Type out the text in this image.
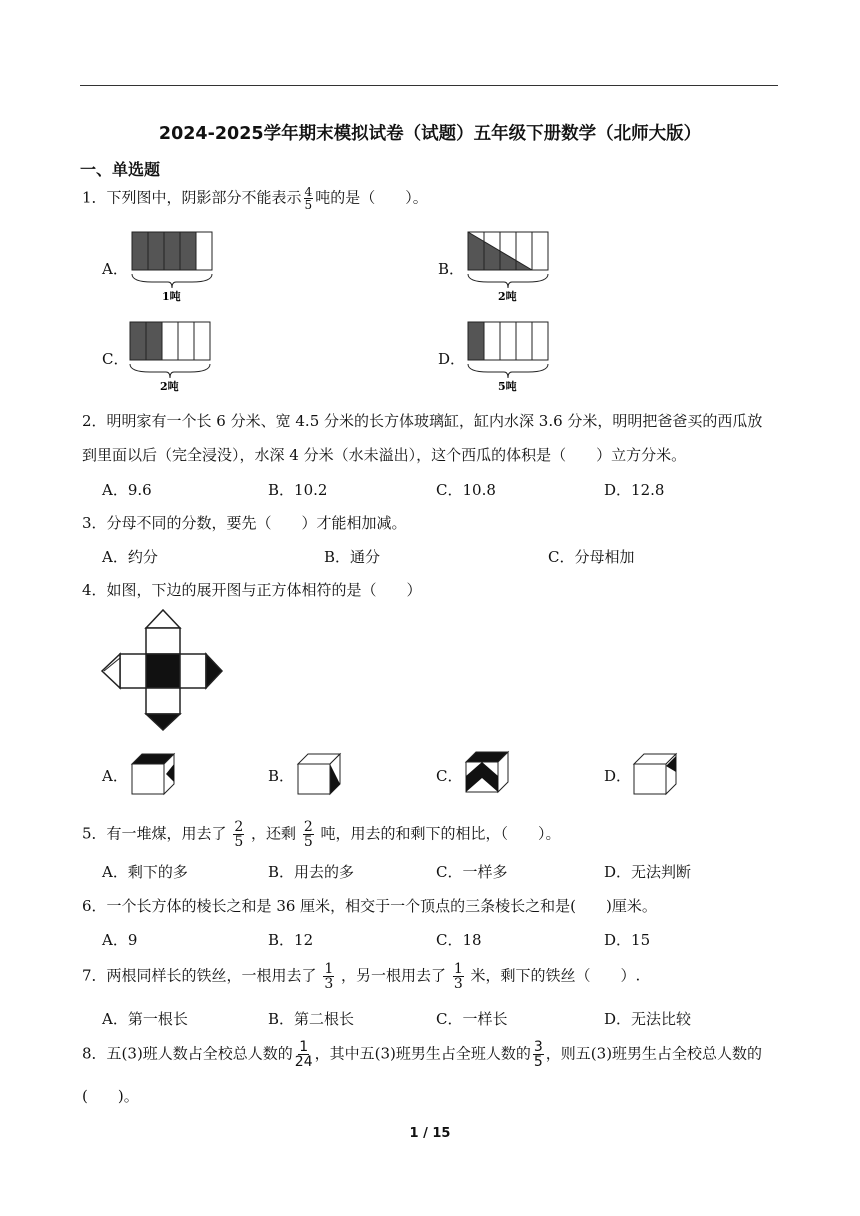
2024-2025学年期末模拟试卷（试题）五年级下册数学（北师大版）
一、单选题
1．下列图中，阴影部分不能表示 $\frac{4}{5}$ 吨的是（　　）。
A．
1吨
B．
2吨
C．
2吨
D．
5吨
2．明明家有一个长 6 分米、宽 4.5 分米的长方体玻璃缸，缸内水深 3.6 分米，明明把爸爸买的西瓜放
到里面以后（完全浸没），水深 4 分米（水未溢出），这个西瓜的体积是（　　）立方分米。
A．9.6	B．10.2	C．10.8	D．12.8
3．分母不同的分数，要先（　　）才能相加减。
A．约分	B．通分	C．分母相加
4．如图，下边的展开图与正方体相符的是（　　）
A．	B．	C．	D．
5．有一堆煤，用去了 $\frac{2}{5}$ ，还剩 $\frac{2}{5}$ 吨，用去的和剩下的相比，（　　）。
A．剩下的多	B．用去的多	C．一样多	D．无法判断
6．一个长方体的棱长之和是 36 厘米，相交于一个顶点的三条棱长之和是(　　)厘米。
A．9	B．12	C．18	D．15
7．两根同样长的铁丝，一根用去了 $\frac{1}{3}$ ，另一根用去了 $\frac{1}{3}$ 米，剩下的铁丝（　　）.
A．第一根长	B．第二根长	C．一样长	D．无法比较
8．五(3)班人数占全校总人数的 $\frac{1}{24}$ ，其中五(3)班男生占全班人数的 $\frac{3}{5}$ ，则五(3)班男生占全校总人数的
(　　)。
1 / 15
